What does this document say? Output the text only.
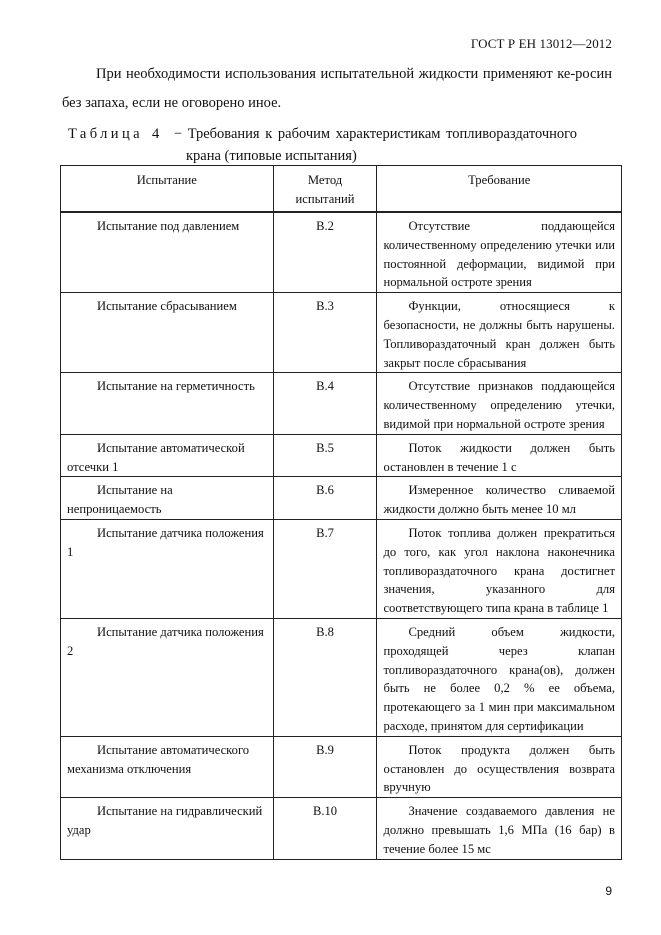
ГОСТ Р ЕН 13012—2012

При необходимости использования испытательной жидкости применяют ке-росин без запаха, если не оговорено иное.

Таблица 4 − Требования к рабочим характеристикам топливораздаточного
крана (типовые испытания)
Испытание	Метод испытаний	Требование
Испытание под давлением	B.2	Отсутствие поддающейся количественному определению утечки или постоянной деформации, видимой при нормальной остроте зрения
Испытание сбрасыванием	B.3	Функции, относящиеся к безопасности, не должны быть нарушены. Топливораздаточный кран должен быть закрыт после сбрасывания
Испытание на герметичность	B.4	Отсутствие признаков поддающейся количественному определению утечки, видимой при нормальной остроте зрения
Испытание автоматической отсечки 1	B.5	Поток жидкости должен быть остановлен в течение 1 с
Испытание на непроницаемость	B.6	Измеренное количество сливаемой жидкости должно быть менее 10 мл
Испытание датчика положения 1	B.7	Поток топлива должен прекратиться до того, как угол наклона наконечника топливораздаточного крана достигнет значения, указанного для соответствующего типа крана в таблице 1
Испытание датчика положения 2	B.8	Средний объем жидкости, проходящей через клапан топливораздаточного крана(ов), должен быть не более 0,2 % ее объема, протекающего за 1 мин при максимальном расходе, принятом для сертификации
Испытание автоматического механизма отключения	B.9	Поток продукта должен быть остановлен до осуществления возврата вручную
Испытание на гидравлический удар	B.10	Значение создаваемого давления не должно превышать 1,6 МПа (16 бар) в течение более 15 мс
9
